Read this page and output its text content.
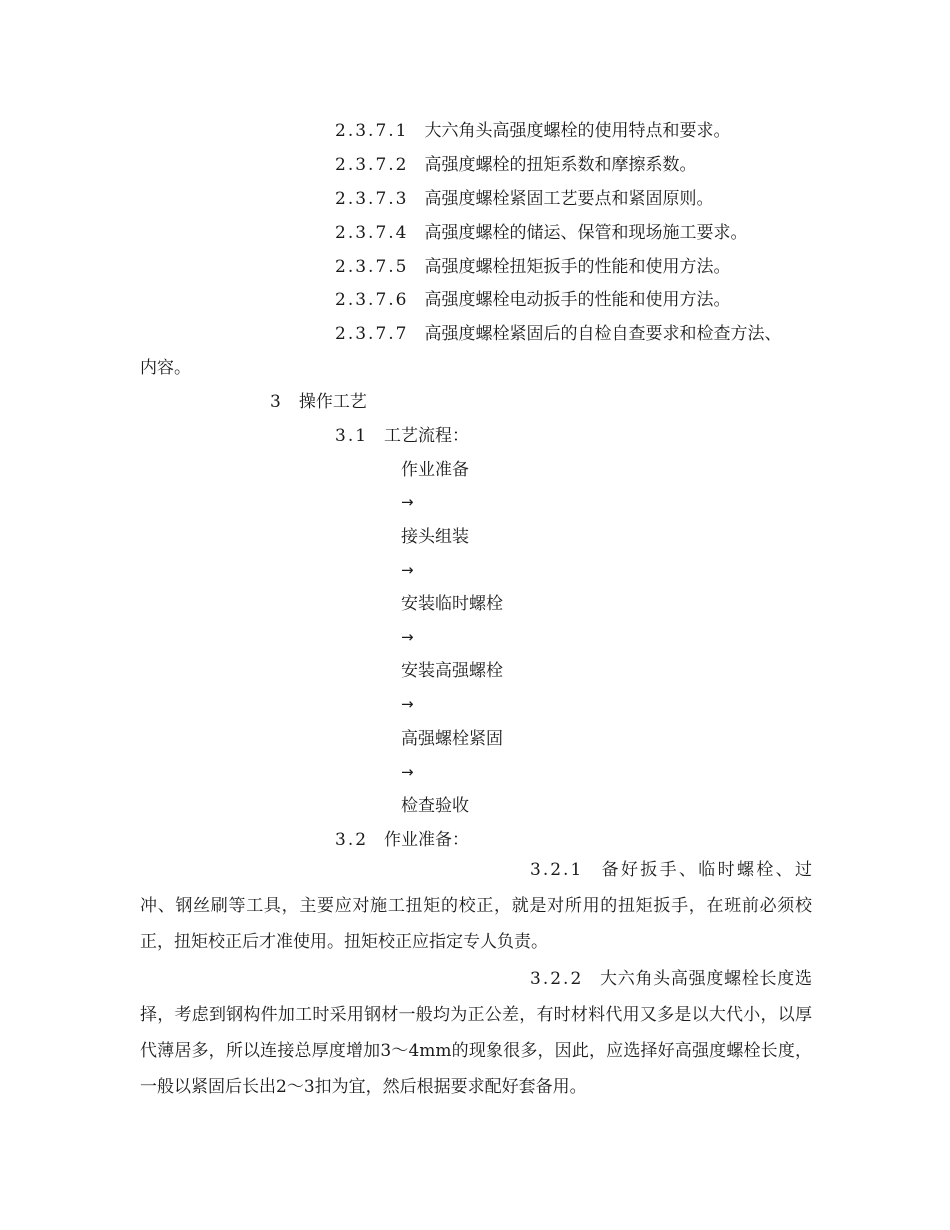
2.3.7.1 大六角头高强度螺栓的使用特点和要求。
2.3.7.2 高强度螺栓的扭矩系数和摩擦系数。
2.3.7.3 高强度螺栓紧固工艺要点和紧固原则。
2.3.7.4 高强度螺栓的储运、保管和现场施工要求。
2.3.7.5 高强度螺栓扭矩扳手的性能和使用方法。
2.3.7.6 高强度螺栓电动扳手的性能和使用方法。
2.3.7.7 高强度螺栓紧固后的自检自查要求和检查方法、
内容。
3 操作工艺
3.1 工艺流程：
作业准备
→
接头组装
→
安装临时螺栓
→
安装高强螺栓
→
高强螺栓紧固
→
检查验收
3.2 作业准备：

3.2.1 备好扳手、临时螺栓、过冲、钢丝刷等工具，主要应对施工扭矩的校正，就是对所用的扭矩扳手，在班前必须校正，扭矩校正后才准使用。扭矩校正应指定专人负责。

3.2.2 大六角头高强度螺栓长度选择，考虑到钢构件加工时采用钢材一般均为正公差，有时材料代用又多是以大代小，以厚代薄居多，所以连接总厚度增加3～4mm的现象很多，因此，应选择好高强度螺栓长度，一般以紧固后长出2～3扣为宜，然后根据要求配好套备用。
